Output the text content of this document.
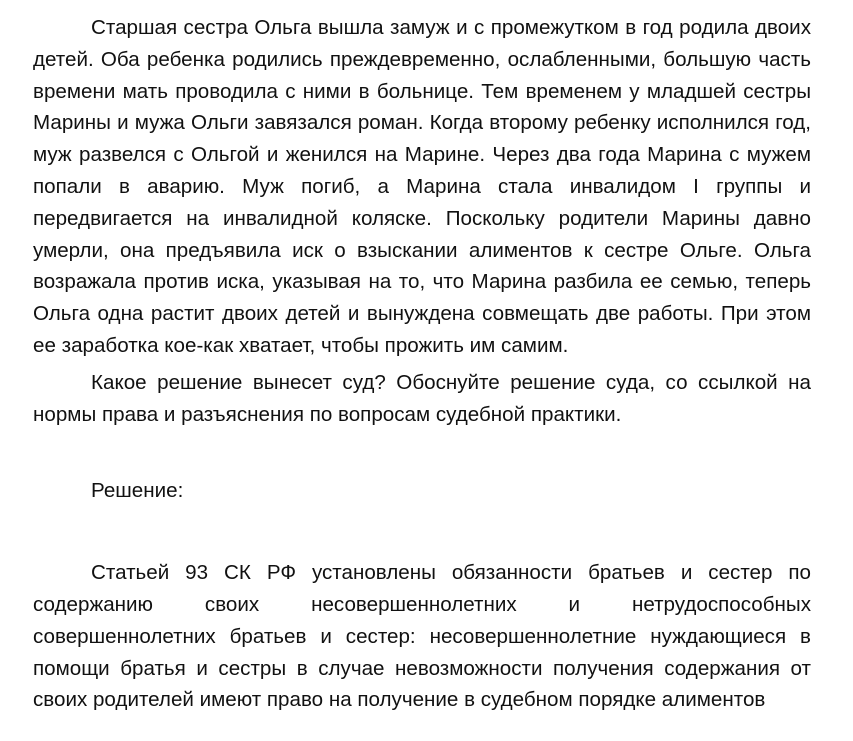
Старшая сестра Ольга вышла замуж и с промежутком в год родила двоих детей. Оба ребенка родились преждевременно, ослабленными, большую часть времени мать проводила с ними в больнице. Тем временем у младшей сестры Марины и мужа Ольги завязался роман. Когда второму ребенку исполнился год, муж развелся с Ольгой и женился на Марине. Через два года Марина с мужем попали в аварию. Муж погиб, а Марина стала инвалидом I группы и передвигается на инвалидной коляске. Поскольку родители Марины давно умерли, она предъявила иск о взыскании алиментов к сестре Ольге. Ольга возражала против иска, указывая на то, что Марина разбила ее семью, теперь Ольга одна растит двоих детей и вынуждена совмещать две работы. При этом ее заработка кое-как хватает, чтобы прожить им самим.

Какое решение вынесет суд? Обоснуйте решение суда, со ссылкой на нормы права и разъяснения по вопросам судебной практики.

Решение:

Статьей 93 СК РФ установлены обязанности братьев и сестер по содержанию своих несовершеннолетних и нетрудоспособных совершеннолетних братьев и сестер: несовершеннолетние нуждающиеся в помощи братья и сестры в случае невозможности получения содержания от своих родителей имеют право на получение в судебном порядке алиментов
